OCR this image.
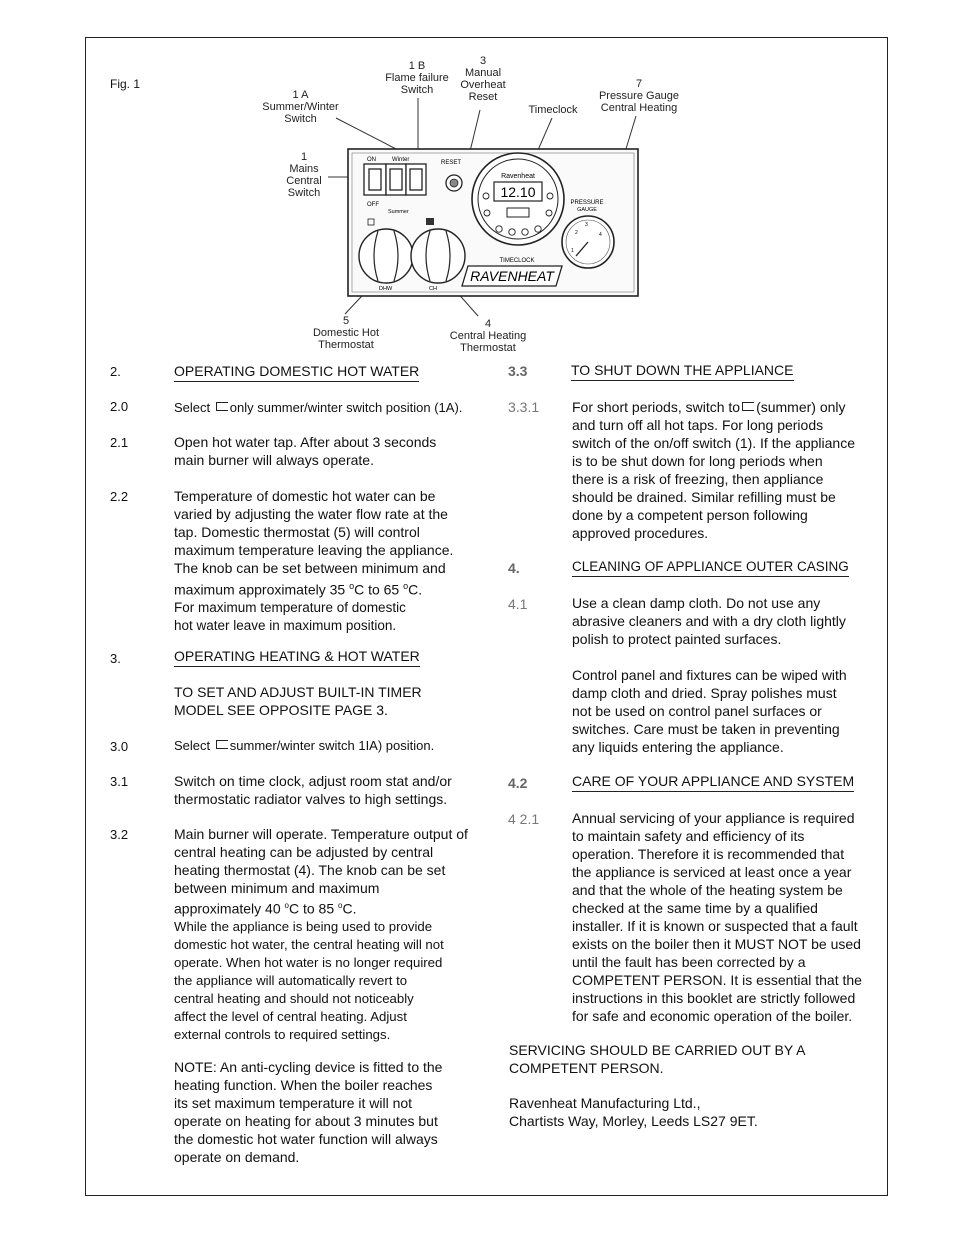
Fig. 1
1 A
Summer/Winter
Switch
1 B
Flame failure
Switch
3
Manual
Overheat
Reset
Timeclock
7
Pressure Gauge
Central Heating
1
Mains
Central
Switch
5
Domestic Hot
Thermostat
4
Central Heating
Thermostat
ON	Winter
OFF
Summer
RESET
Ravenheat
12.10
TIMECLOCK
PRESSURE
GAUGE
1
2
3
4
DHW	CH
RAVENHEAT
2.	OPERATING DOMESTIC HOT WATER
2.0	Select only summer/winter switch position (1A).
2.1	Open hot water tap. After about 3 seconds
main burner will always operate.
2.2	Temperature of domestic hot water can be
varied by adjusting the water flow rate at the
tap. Domestic thermostat (5) will control
maximum temperature leaving the appliance.
The knob can be set between minimum and
maximum approximately 35 $^o$C to 65 $^o$C.
For maximum temperature of domestic
hot water leave in maximum position.
3.	OPERATING HEATING & HOT WATER
TO SET AND ADJUST BUILT-IN TIMER
MODEL SEE OPPOSITE PAGE 3.
3.0	Select summer/winter switch 1IA) position.
3.1	Switch on time clock, adjust room stat and/or
thermostatic radiator valves to high settings.
3.2	Main burner will operate. Temperature output of
central heating can be adjusted by central
heating thermostat (4). The knob can be set
between minimum and maximum
approximately 40 $^o$C to 85 $^o$C.
While the appliance is being used to provide
domestic hot water, the central heating will not
operate. When hot water is no longer required
the appliance will automatically revert to
central heating and should not noticeably
affect the level of central heating. Adjust
external controls to required settings.
NOTE: An anti-cycling device is fitted to the
heating function. When the boiler reaches
its set maximum temperature it will not
operate on heating for about 3 minutes but
the domestic hot water function will always
operate on demand.
3.3	TO SHUT DOWN THE APPLIANCE
3.3.1 For short periods, switch to (summer) only
and turn off all hot taps. For long periods
switch of the on/off switch (1). If the appliance
is to be shut down for long periods when
there is a risk of freezing, then appliance
should be drained. Similar refilling must be
done by a competent person following
approved procedures.
4.	CLEANING OF APPLIANCE OUTER CASING
4.1	Use a clean damp cloth. Do not use any
abrasive cleaners and with a dry cloth lightly
polish to protect painted surfaces.
Control panel and fixtures can be wiped with
damp cloth and dried. Spray polishes must
not be used on control panel surfaces or
switches. Care must be taken in preventing
any liquids entering the appliance.
4.2	CARE OF YOUR APPLIANCE AND SYSTEM
4 2.1 Annual servicing of your appliance is required
to maintain safety and efficiency of its
operation. Therefore it is recommended that
the appliance is serviced at least once a year
and that the whole of the heating system be
checked at the same time by a qualified
installer. If it is known or suspected that a fault
exists on the boiler then it MUST NOT be used
until the fault has been corrected by a
COMPETENT PERSON. It is essential that the
instructions in this booklet are strictly followed
for safe and economic operation of the boiler.
SERVICING SHOULD BE CARRIED OUT BY A
COMPETENT PERSON.
Ravenheat Manufacturing Ltd.,
Chartists Way, Morley, Leeds LS27 9ET.
